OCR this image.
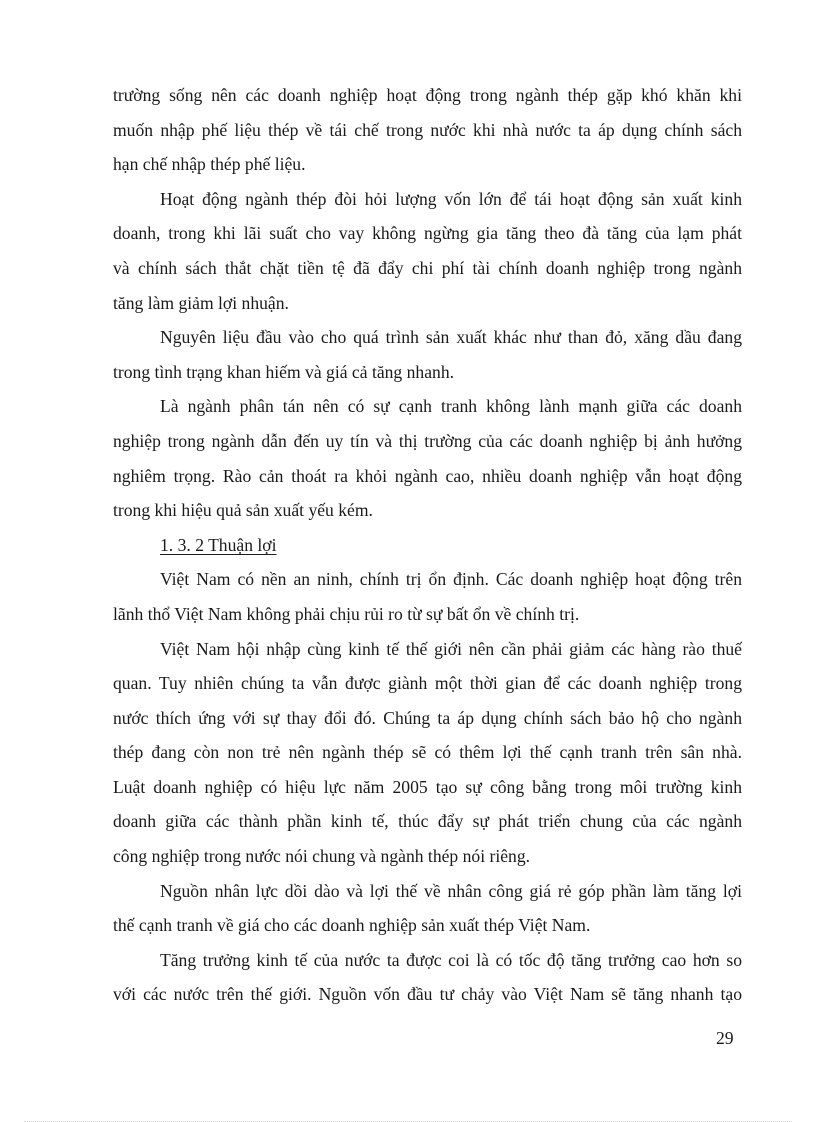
trường sống nên các doanh nghiệp hoạt động trong ngành thép gặp khó khăn khi
muốn nhập phế liệu thép về tái chế trong nước khi nhà nước ta áp dụng chính sách
hạn chế nhập thép phế liệu.
Hoạt động ngành thép đòi hỏi lượng vốn lớn để tái hoạt động sản xuất kinh
doanh, trong khi lãi suất cho vay không ngừng gia tăng theo đà tăng của lạm phát
và chính sách thắt chặt tiền tệ đã đẩy chi phí tài chính doanh nghiệp trong ngành
tăng làm giảm lợi nhuận.
Nguyên liệu đầu vào cho quá trình sản xuất khác như than đỏ, xăng dầu đang
trong tình trạng khan hiếm và giá cả tăng nhanh.
Là ngành phân tán nên có sự cạnh tranh không lành mạnh giữa các doanh
nghiệp trong ngành dẫn đến uy tín và thị trường của các doanh nghiệp bị ảnh hưởng
nghiêm trọng. Rào cản thoát ra khỏi ngành cao, nhiều doanh nghiệp vẫn hoạt động
trong khi hiệu quả sản xuất yếu kém.
1. 3. 2 Thuận lợi
Việt Nam có nền an ninh, chính trị ổn định. Các doanh nghiệp hoạt động trên
lãnh thổ Việt Nam không phải chịu rủi ro từ sự bất ổn về chính trị.
Việt Nam hội nhập cùng kinh tế thế giới nên cần phải giảm các hàng rào thuế
quan. Tuy nhiên chúng ta vẫn được giành một thời gian để các doanh nghiệp trong
nước thích ứng với sự thay đổi đó. Chúng ta áp dụng chính sách bảo hộ cho ngành
thép đang còn non trẻ nên ngành thép sẽ có thêm lợi thế cạnh tranh trên sân nhà.
Luật doanh nghiệp có hiệu lực năm 2005 tạo sự công bằng trong môi trường kinh
doanh giữa các thành phần kinh tế, thúc đẩy sự phát triển chung của các ngành
công nghiệp trong nước nói chung và ngành thép nói riêng.
Nguồn nhân lực dồi dào và lợi thế về nhân công giá rẻ góp phần làm tăng lợi
thế cạnh tranh về giá cho các doanh nghiệp sản xuất thép Việt Nam.
Tăng trưởng kinh tế của nước ta được coi là có tốc độ tăng trưởng cao hơn so
với các nước trên thế giới. Nguồn vốn đầu tư chảy vào Việt Nam sẽ tăng nhanh tạo
29
